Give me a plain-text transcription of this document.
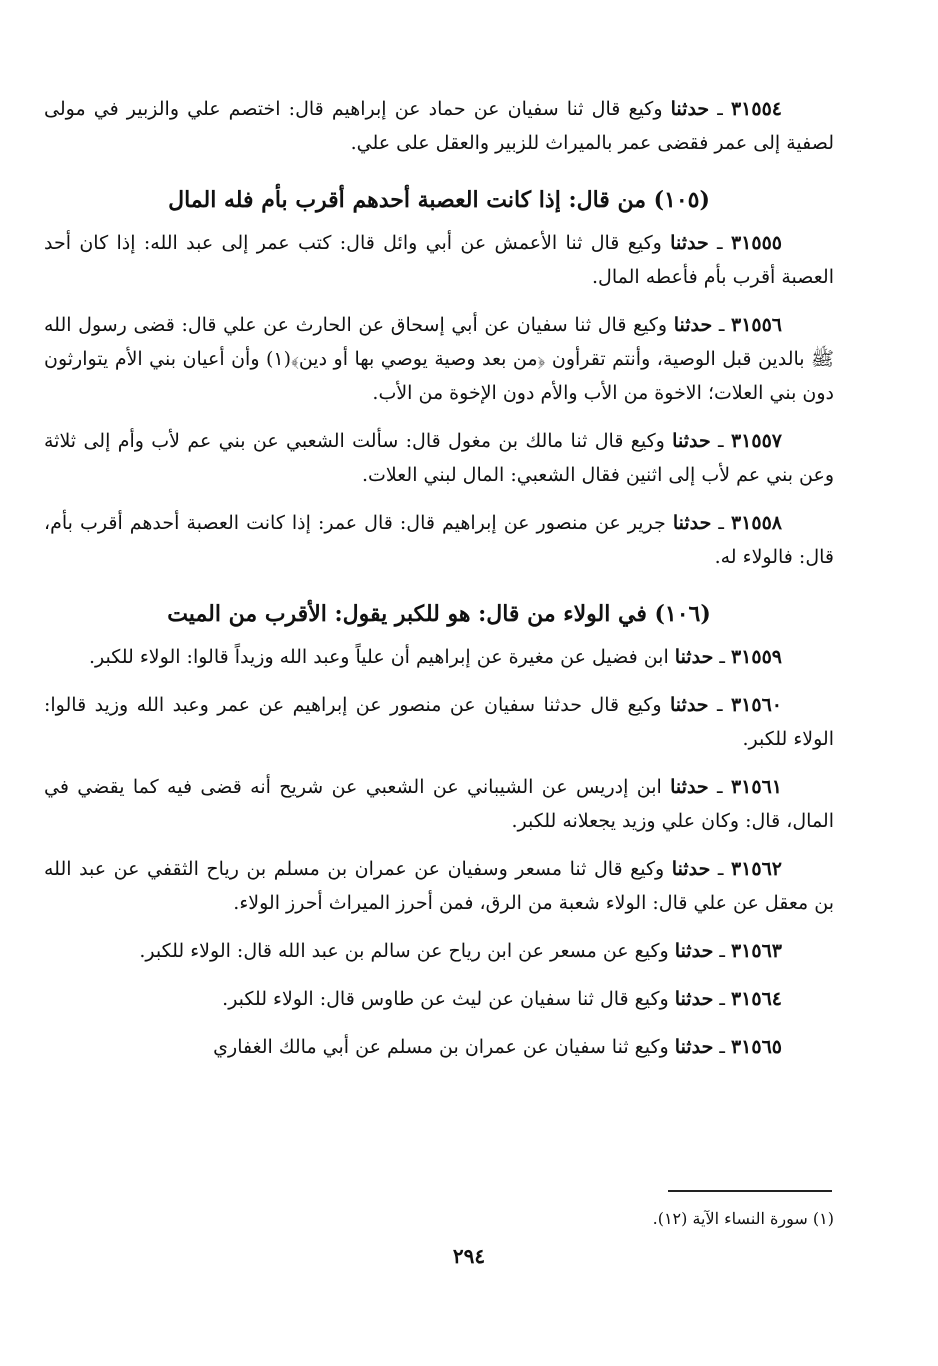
٣١٥٥٤ ـ حدثنا وكيع قال ثنا سفيان عن حماد عن إبراهيم قال: اختصم علي والزبير في مولى لصفية إلى عمر فقضى عمر بالميراث للزبير والعقل على علي.

(١٠٥) من قال: إذا كانت العصبة أحدهم أقرب بأم فله المال

٣١٥٥٥ ـ حدثنا وكيع قال ثنا الأعمش عن أبي وائل قال: كتب عمر إلى عبد الله: إذا كان أحد العصبة أقرب بأم فأعطه المال.

٣١٥٥٦ ـ حدثنا وكيع قال ثنا سفيان عن أبي إسحاق عن الحارث عن علي قال: قضى رسول الله ﷺ بالدين قبل الوصية، وأنتم تقرأون ﴿من بعد وصية يوصي بها أو دين﴾(١) وأن أعيان بني الأم يتوارثون دون بني العلات؛ الاخوة من الأب والأم دون الإخوة من الأب.

٣١٥٥٧ ـ حدثنا وكيع قال ثنا مالك بن مغول قال: سألت الشعبي عن بني عم لأب وأم إلى ثلاثة وعن بني عم لأب إلى اثنين فقال الشعبي: المال لبني العلات.

٣١٥٥٨ ـ حدثنا جرير عن منصور عن إبراهيم قال: قال عمر: إذا كانت العصبة أحدهم أقرب بأم، قال: فالولاء له.

(١٠٦) في الولاء من قال: هو للكبر يقول: الأقرب من الميت

٣١٥٥٩ ـ حدثنا ابن فضيل عن مغيرة عن إبراهيم أن علياً وعبد الله وزيداً قالوا: الولاء للكبر.

٣١٥٦٠ ـ حدثنا وكيع قال حدثنا سفيان عن منصور عن إبراهيم عن عمر وعبد الله وزيد قالوا: الولاء للكبر.

٣١٥٦١ ـ حدثنا ابن إدريس عن الشيباني عن الشعبي عن شريح أنه قضى فيه كما يقضي في المال، قال: وكان علي وزيد يجعلانه للكبر.

٣١٥٦٢ ـ حدثنا وكيع قال ثنا مسعر وسفيان عن عمران بن مسلم بن رياح الثقفي عن عبد الله بن معقل عن علي قال: الولاء شعبة من الرق، فمن أحرز الميراث أحرز الولاء.

٣١٥٦٣ ـ حدثنا وكيع عن مسعر عن ابن رياح عن سالم بن عبد الله قال: الولاء للكبر.

٣١٥٦٤ ـ حدثنا وكيع قال ثنا سفيان عن ليث عن طاوس قال: الولاء للكبر.

٣١٥٦٥ ـ حدثنا وكيع ثنا سفيان عن عمران بن مسلم عن أبي مالك الغفاري

(١) سورة النساء الآية (١٢).
٢٩٤
